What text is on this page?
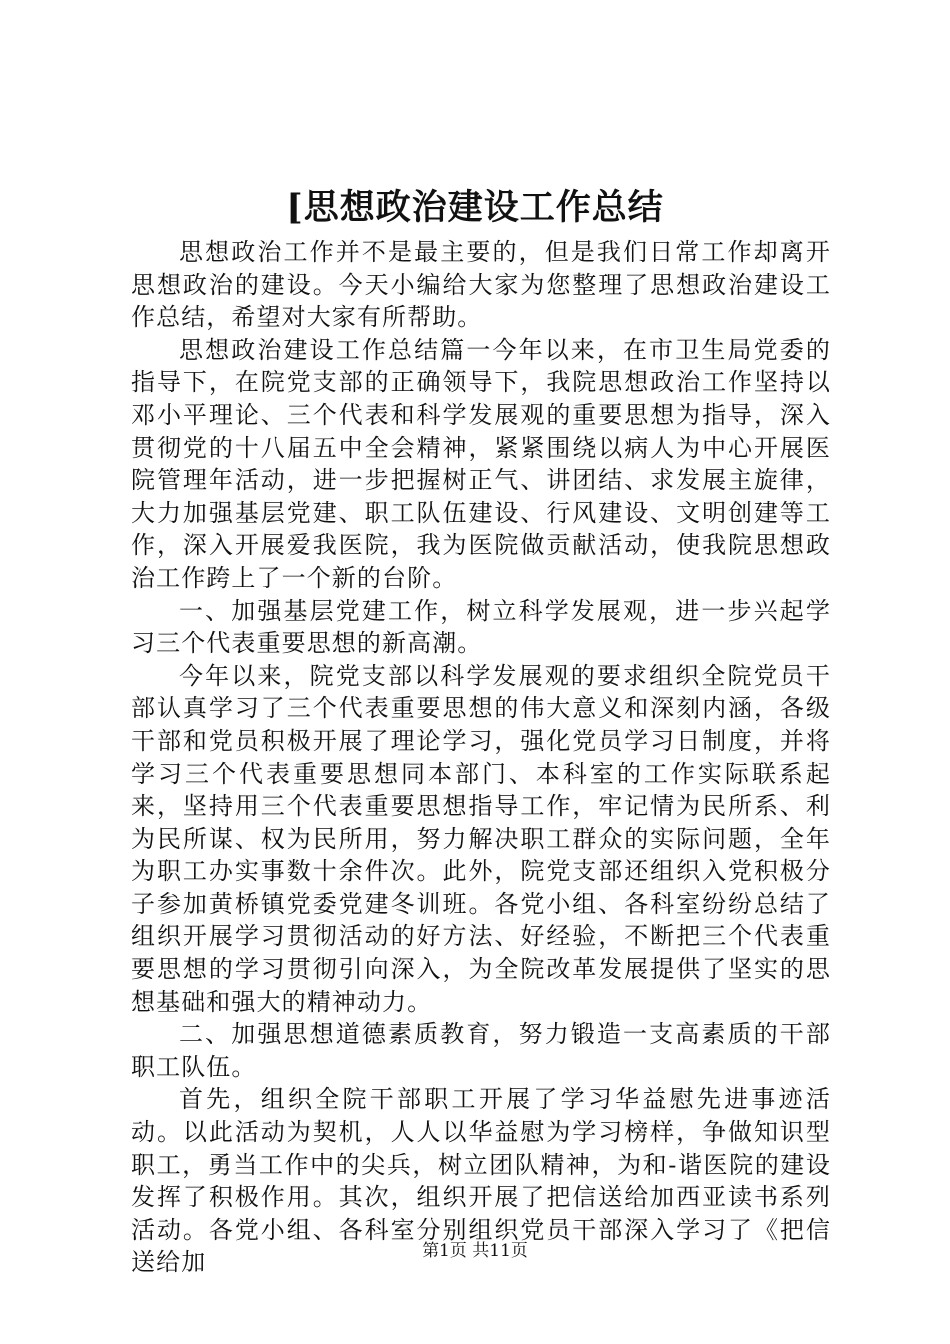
[思想政治建设工作总结

思想政治工作并不是最主要的，但是我们日常工作却离开思想政治的建设。今天小编给大家为您整理了思想政治建设工作总结，希望对大家有所帮助。

思想政治建设工作总结篇一今年以来，在市卫生局党委的指导下，在院党支部的正确领导下，我院思想政治工作坚持以邓小平理论、三个代表和科学发展观的重要思想为指导，深入贯彻党的十八届五中全会精神，紧紧围绕以病人为中心开展医院管理年活动，进一步把握树正气、讲团结、求发展主旋律，大力加强基层党建、职工队伍建设、行风建设、文明创建等工作，深入开展爱我医院，我为医院做贡献活动，使我院思想政治工作跨上了一个新的台阶。

一、加强基层党建工作，树立科学发展观，进一步兴起学习三个代表重要思想的新高潮。

今年以来，院党支部以科学发展观的要求组织全院党员干部认真学习了三个代表重要思想的伟大意义和深刻内涵，各级干部和党员积极开展了理论学习，强化党员学习日制度，并将学习三个代表重要思想同本部门、本科室的工作实际联系起来，坚持用三个代表重要思想指导工作，牢记情为民所系、利为民所谋、权为民所用，努力解决职工群众的实际问题，全年为职工办实事数十余件次。此外，院党支部还组织入党积极分子参加黄桥镇党委党建冬训班。各党小组、各科室纷纷总结了组织开展学习贯彻活动的好方法、好经验，不断把三个代表重要思想的学习贯彻引向深入，为全院改革发展提供了坚实的思想基础和强大的精神动力。

二、加强思想道德素质教育，努力锻造一支高素质的干部职工队伍。

首先，组织全院干部职工开展了学习华益慰先进事迹活动。以此活动为契机，人人以华益慰为学习榜样，争做知识型职工，勇当工作中的尖兵，树立团队精神，为和-谐医院的建设发挥了积极作用。其次，组织开展了把信送给加西亚读书系列活动。各党小组、各科室分别组织党员干部深入学习了《把信送给加	第1页 共11页
